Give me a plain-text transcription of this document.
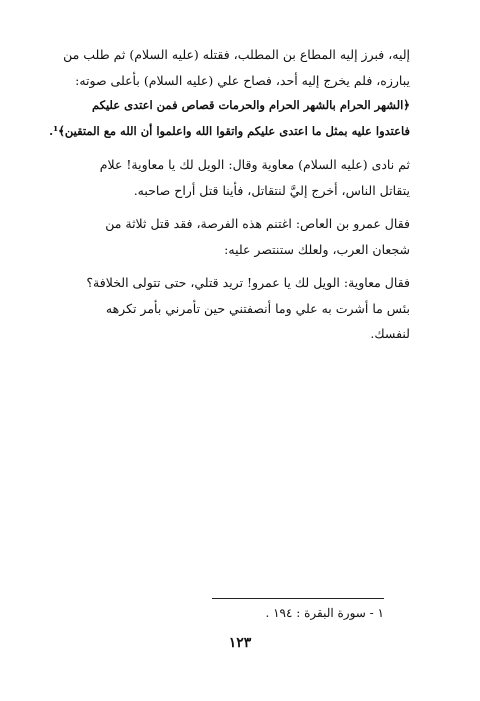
إليه، فبرز إليه المطاع بن المطلب، فقتله (عليه السلام) ثم طلب من

يبارزه، فلم يخرج إليه أحد، فصاح علي (عليه السلام) بأعلى صوته:

﴿الشهر الحرام بالشهر الحرام والحرمات قصاص فمن اعتدى عليكم

فاعتدوا عليه بمثل ما اعتدى عليكم واتقوا الله واعلموا أن الله مع المتقين﴾¹.

ثم نادى (عليه السلام) معاوية وقال: الويل لك يا معاوية! علام

يتقاتل الناس، أخرج إليَّ لنتقاتل، فأينا قتل أراح صاحبه.

فقال عمرو بن العاص: اغتنم هذه الفرصة، فقد قتل ثلاثة من

شجعان العرب، ولعلك ستنتصر عليه:

فقال معاوية: الويل لك يا عمرو! تريد قتلي، حتى تتولى الخلافة؟

بئس ما أشرت به علي وما أنصفتني حين تأمرني بأمر تكرهه

لنفسك.

١ - سورة البقرة : ١٩٤ .
١٢٣
